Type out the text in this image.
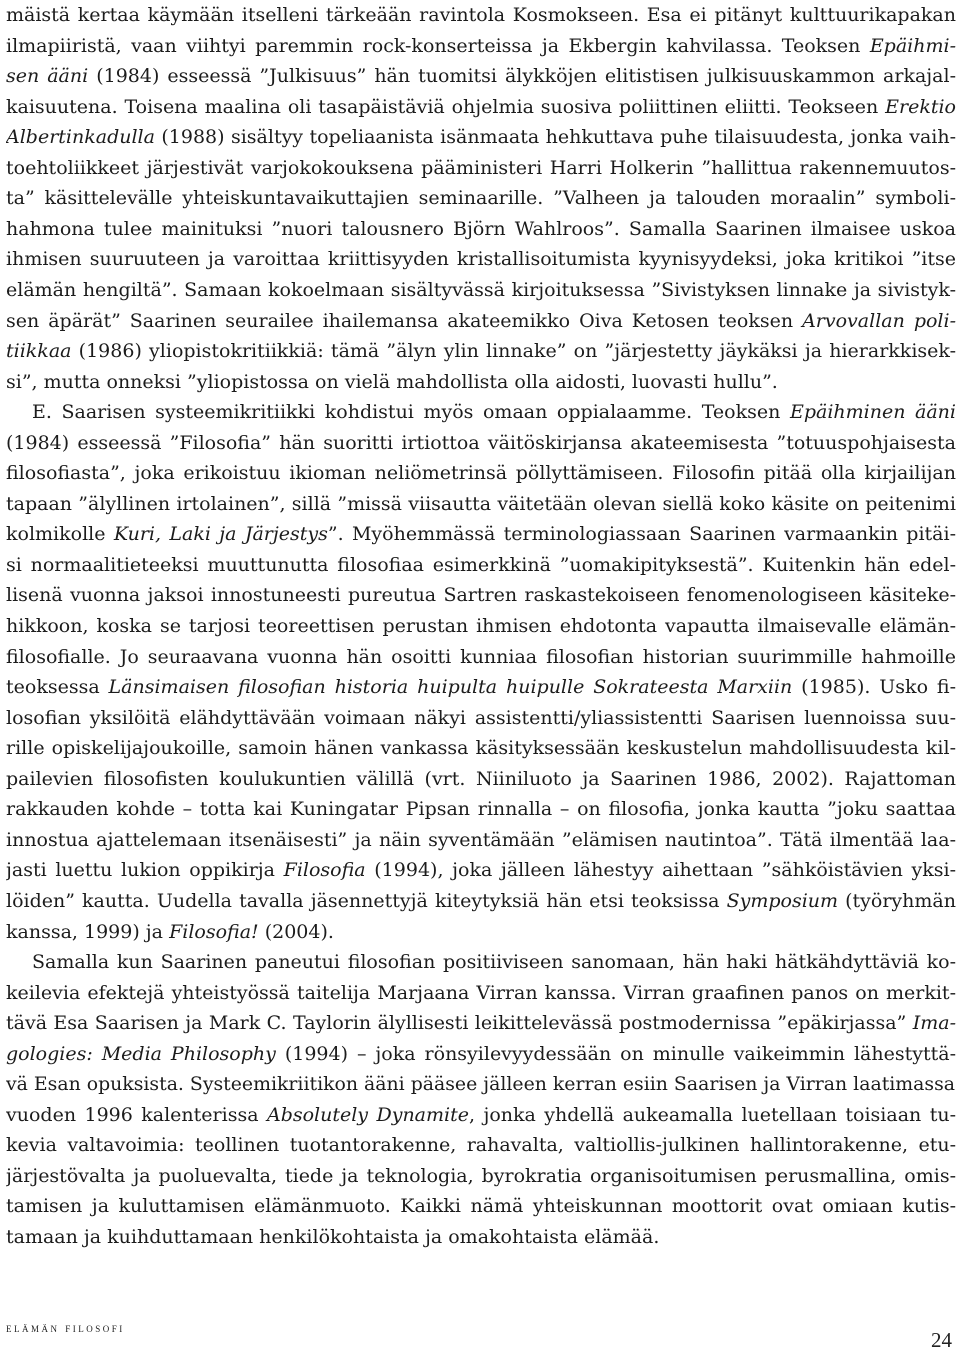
mäistä kertaa käymään itselleni tärkeään ravintola Kosmokseen. Esa ei pitänyt kulttuurikapakan
ilmapiiristä, vaan viihtyi paremmin rock-konserteissa ja Ekbergin kahvilassa. Teoksen Epäihmi-
sen ääni (1984) esseessä ”Julkisuus” hän tuomitsi älykköjen elitistisen julkisuuskammon arkajal-
kaisuutena. Toisena maalina oli tasapäistäviä ohjelmia suosiva poliittinen eliitti. Teokseen Erektio
Albertinkadulla (1988) sisältyy topeliaanista isänmaata hehkuttava puhe tilaisuudesta, jonka vaih-
toehtoliikkeet järjestivät varjokokouksena pääministeri Harri Holkerin ”hallittua rakennemuutos-
ta” käsittelevälle yhteiskuntavaikuttajien seminaarille. ”Valheen ja talouden moraalin” symboli-
hahmona tulee mainituksi ”nuori talousnero Björn Wahlroos”. Samalla Saarinen ilmaisee uskoa
ihmisen suuruuteen ja varoittaa kriittisyyden kristallisoitumista kyynisyydeksi, joka kritikoi ”itse
elämän hengiltä”. Samaan kokoelmaan sisältyvässä kirjoituksessa ”Sivistyksen linnake ja sivistyk-
sen äpärät” Saarinen seurailee ihailemansa akateemikko Oiva Ketosen teoksen Arvovallan poli-
tiikkaa (1986) yliopistokritiikkiä: tämä ”älyn ylin linnake” on ”järjestetty jäykäksi ja hierarkkisek-
si”, mutta onneksi ”yliopistossa on vielä mahdollista olla aidosti, luovasti hullu”.
E. Saarisen systeemikritiikki kohdistui myös omaan oppialaamme. Teoksen Epäihminen ääni
(1984) esseessä ”Filosofia” hän suoritti irtiottoa väitöskirjansa akateemisesta ”totuuspohjaisesta
filosofiasta”, joka erikoistuu ikioman neliömetrinsä pöllyttämiseen. Filosofin pitää olla kirjailijan
tapaan ”älyllinen irtolainen”, sillä ”missä viisautta väitetään olevan siellä koko käsite on peitenimi
kolmikolle Kuri, Laki ja Järjestys”. Myöhemmässä terminologiassaan Saarinen varmaankin pitäi-
si normaalitieteeksi muuttunutta filosofiaa esimerkkinä ”uomakipityksestä”. Kuitenkin hän edel-
lisenä vuonna jaksoi innostuneesti pureutua Sartren raskastekoiseen fenomenologiseen käsiteke-
hikkoon, koska se tarjosi teoreettisen perustan ihmisen ehdotonta vapautta ilmaisevalle elämän-
filosofialle. Jo seuraavana vuonna hän osoitti kunniaa filosofian historian suurimmille hahmoille
teoksessa Länsimaisen filosofian historia huipulta huipulle Sokrateesta Marxiin (1985). Usko fi-
losofian yksilöitä elähdyttävään voimaan näkyi assistentti/yliassistentti Saarisen luennoissa suu-
rille opiskelijajoukoille, samoin hänen vankassa käsityksessään keskustelun mahdollisuudesta kil-
pailevien filosofisten koulukuntien välillä (vrt. Niiniluoto ja Saarinen 1986, 2002). Rajattoman
rakkauden kohde – totta kai Kuningatar Pipsan rinnalla – on filosofia, jonka kautta ”joku saattaa
innostua ajattelemaan itsenäisesti” ja näin syventämään ”elämisen nautintoa”. Tätä ilmentää laa-
jasti luettu lukion oppikirja Filosofia (1994), joka jälleen lähestyy aihettaan ”sähköistävien yksi-
löiden” kautta. Uudella tavalla jäsennettyjä kiteytyksiä hän etsi teoksissa Symposium (työryhmän
kanssa, 1999) ja Filosofia! (2004).
Samalla kun Saarinen paneutui filosofian positiiviseen sanomaan, hän haki hätkähdyttäviä ko-
keilevia efektejä yhteistyössä taitelija Marjaana Virran kanssa. Virran graafinen panos on merkit-
tävä Esa Saarisen ja Mark C. Taylorin älyllisesti leikittelevässä postmodernissa ”epäkirjassa” Ima-
gologies: Media Philosophy (1994) – joka rönsyilevyydessään on minulle vaikeimmin lähestyttä-
vä Esan opuksista. Systeemikriitikon ääni pääsee jälleen kerran esiin Saarisen ja Virran laatimassa
vuoden 1996 kalenterissa Absolutely Dynamite, jonka yhdellä aukeamalla luetellaan toisiaan tu-
kevia valtavoimia: teollinen tuotantorakenne, rahavalta, valtiollis-julkinen hallintorakenne, etu-
järjestövalta ja puoluevalta, tiede ja teknologia, byrokratia organisoitumisen perusmallina, omis-
tamisen ja kuluttamisen elämänmuoto. Kaikki nämä yhteiskunnan moottorit ovat omiaan kutis-
tamaan ja kuihduttamaan henkilökohtaista ja omakohtaista elämää.
elämän filosofi
24
